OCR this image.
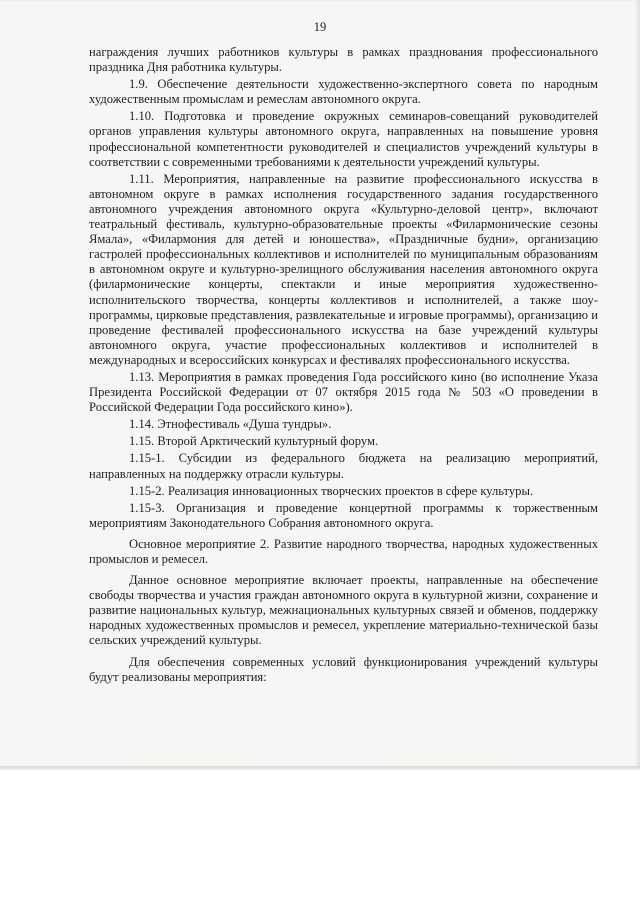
19

награждения лучших работников культуры в рамках празднования профессионального праздника Дня работника культуры.

1.9. Обеспечение деятельности художественно-экспертного совета по народным художественным промыслам и ремеслам автономного округа.

1.10. Подготовка и проведение окружных семинаров-совещаний руководителей органов управления культуры автономного округа, направленных на повышение уровня профессиональной компетентности руководителей и специалистов учреждений культуры в соответствии с современными требованиями к деятельности учреждений культуры.

1.11. Мероприятия, направленные на развитие профессионального искусства в автономном округе в рамках исполнения государственного задания государственного автономного учреждения автономного округа «Культурно-деловой центр», включают театральный фестиваль, культурно-образовательные проекты «Филармонические сезоны Ямала», «Филармония для детей и юношества», «Праздничные будни», организацию гастролей профессиональных коллективов и исполнителей по муниципальным образованиям в автономном округе и культурно-зрелищного обслуживания населения автономного округа (филармонические концерты, спектакли и иные мероприятия художественно-исполнительского творчества, концерты коллективов и исполнителей, а также шоу-программы, цирковые представления, развлекательные и игровые программы), организацию и проведение фестивалей профессионального искусства на базе учреждений культуры автономного округа, участие профессиональных коллективов и исполнителей в международных и всероссийских конкурсах и фестивалях профессионального искусства.

1.13. Мероприятия в рамках проведения Года российского кино (во исполнение Указа Президента Российской Федерации от 07 октября 2015 года № 503 «О проведении в Российской Федерации Года российского кино»).

1.14. Этнофестиваль «Душа тундры».

1.15. Второй Арктический культурный форум.

1.15-1. Субсидии из федерального бюджета на реализацию мероприятий, направленных на поддержку отрасли культуры.

1.15-2. Реализация инновационных творческих проектов в сфере культуры.

1.15-3. Организация и проведение концертной программы к торжественным мероприятиям Законодательного Собрания автономного округа.

Основное мероприятие 2. Развитие народного творчества, народных художественных промыслов и ремесел.

Данное основное мероприятие включает проекты, направленные на обеспечение свободы творчества и участия граждан автономного округа в культурной жизни, сохранение и развитие национальных культур, межнациональных культурных связей и обменов, поддержку народных художественных промыслов и ремесел, укрепление материально-технической базы сельских учреждений культуры.

Для обеспечения современных условий функционирования учреждений культуры будут реализованы мероприятия:
